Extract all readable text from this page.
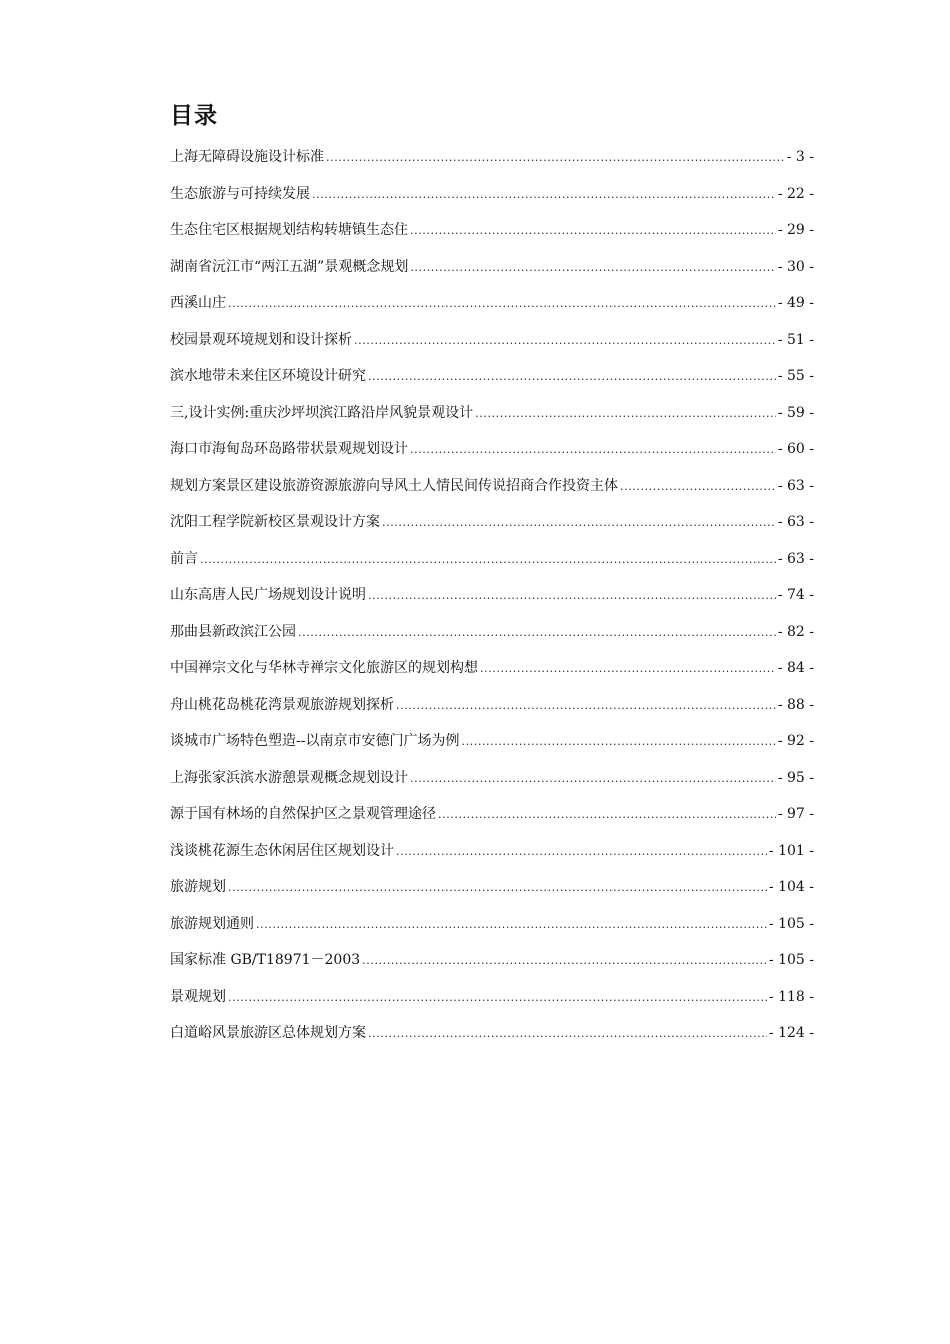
目录
上海无障碍设施设计标准 .....	- 3 -
生态旅游与可持续发展 .....	- 22 -
生态住宅区根据规划结构转塘镇生态住 .....	- 29 -
湖南省沅江市“两江五湖”景观概念规划 .....	- 30 -
西溪山庄 .....	- 49 -
校园景观环境规划和设计探析 .....	- 51 -
滨水地带未来住区环境设计研究 .....	- 55 -
三,设计实例:重庆沙坪坝滨江路沿岸风貌景观设计 .....	- 59 -
海口市海甸岛环岛路带状景观规划设计 .....	- 60 -
规划方案景区建设旅游资源旅游向导风土人情民间传说招商合作投资主体 .....	- 63 -
沈阳工程学院新校区景观设计方案 .....	- 63 -
前言 .....	- 63 -
山东高唐人民广场规划设计说明 .....	- 74 -
那曲县新政滨江公园 .....	- 82 -
中国禅宗文化与华林寺禅宗文化旅游区的规划构想 .....	- 84 -
舟山桃花岛桃花湾景观旅游规划探析 .....	- 88 -
谈城市广场特色塑造--以南京市安德门广场为例 .....	- 92 -
上海张家浜滨水游憩景观概念规划设计 .....	- 95 -
源于国有林场的自然保护区之景观管理途径 .....	- 97 -
浅谈桃花源生态休闲居住区规划设计 .....	- 101 -
旅游规划 .....	- 104 -
旅游规划通则 .....	- 105 -
国家标准 GB/T18971－2003 .....	- 105 -
景观规划 .....	- 118 -
白道峪风景旅游区总体规划方案 .....	- 124 -
